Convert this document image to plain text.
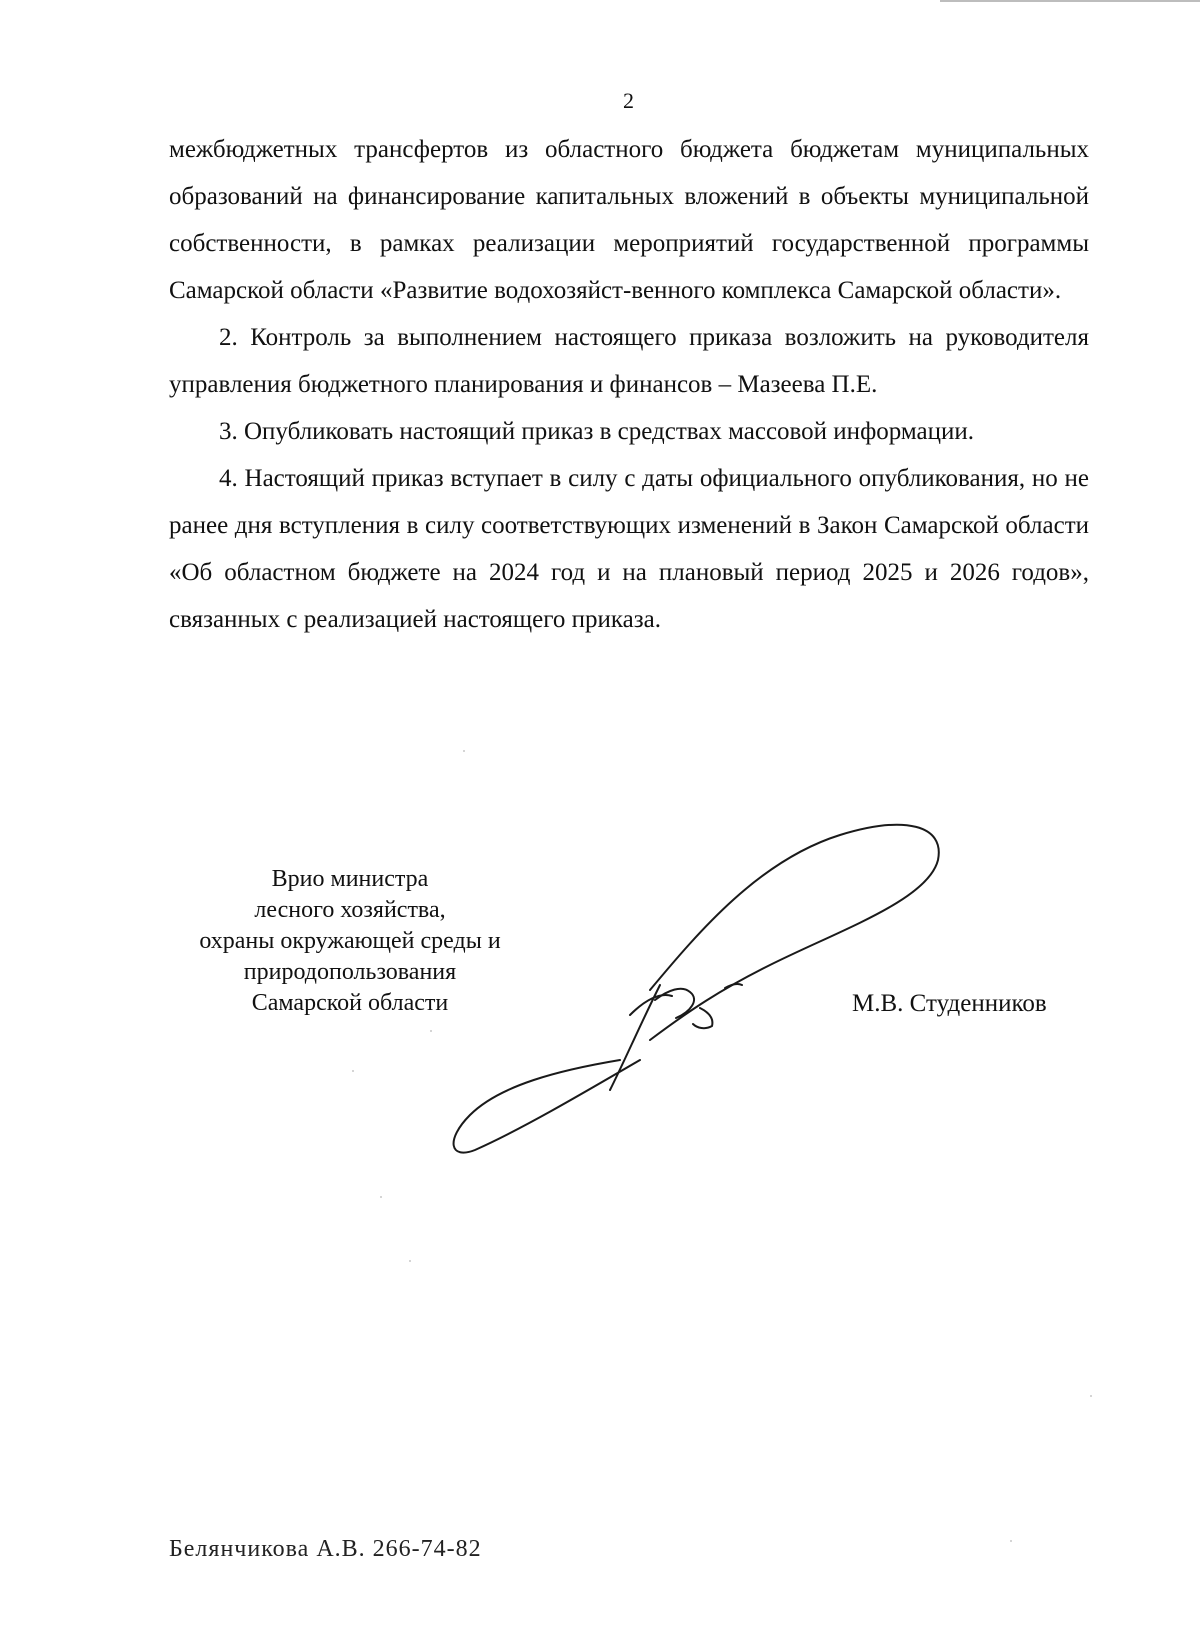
2

межбюджетных трансфертов из областного бюджета бюджетам муниципальных образований на финансирование капитальных вложений в объекты муниципальной собственности, в рамках реализации мероприятий государственной программы Самарской области «Развитие водохозяйст-венного комплекса Самарской области».

2. Контроль за выполнением настоящего приказа возложить на руководителя управления бюджетного планирования и финансов – Мазеева П.Е.

3. Опубликовать настоящий приказ в средствах массовой информации.

4. Настоящий приказ вступает в силу с даты официального опубликования, но не ранее дня вступления в силу соответствующих изменений в Закон Самарской области «Об областном бюджете на 2024 год и на плановый период 2025 и 2026 годов», связанных с реализацией настоящего приказа.

Врио министра
лесного хозяйства,
охраны окружающей среды и
природопользования
Самарской области	М.В. Студенников
Белянчикова А.В. 266-74-82
